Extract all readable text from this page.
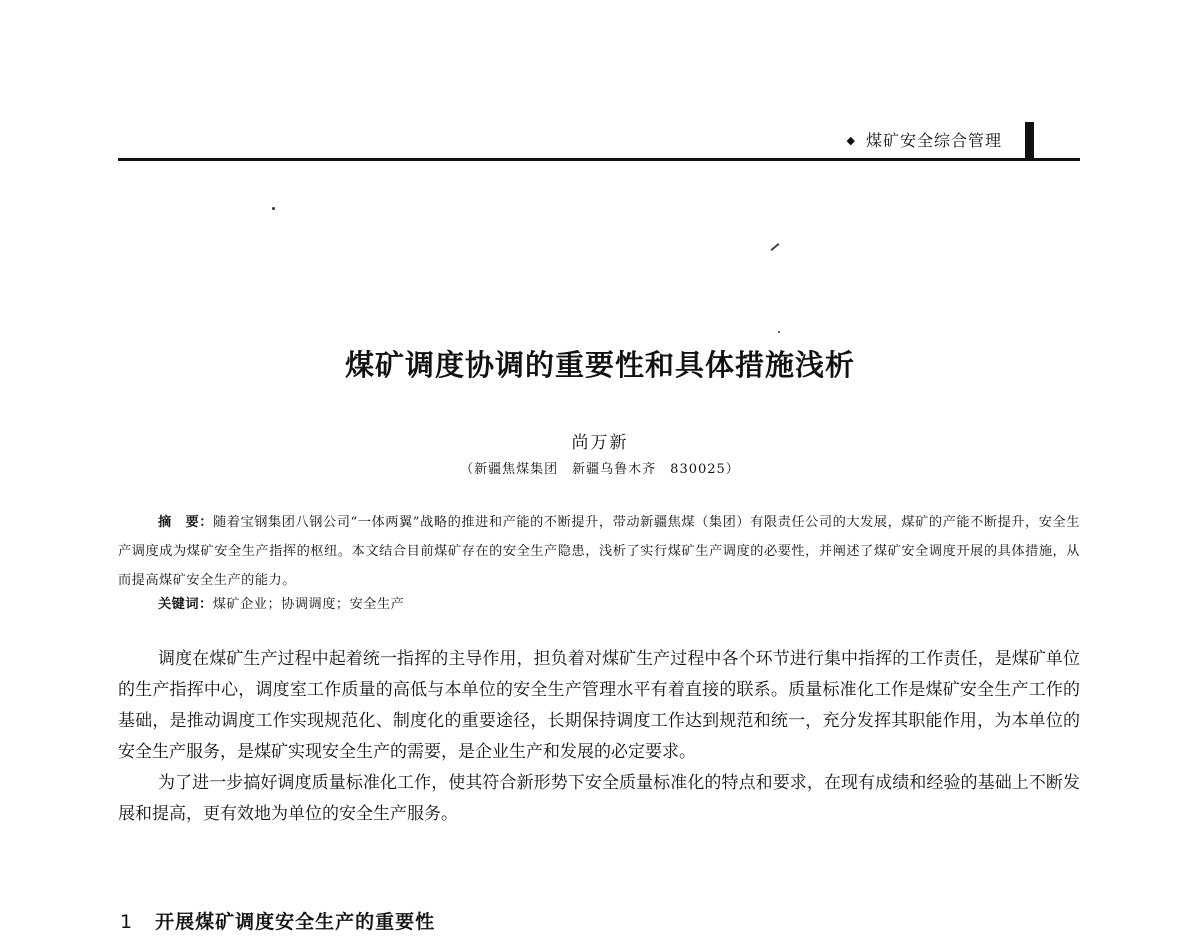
◆ 煤矿安全综合管理
煤矿调度协调的重要性和具体措施浅析
尚万新
（新疆焦煤集团　新疆乌鲁木齐　830025）
摘　要：随着宝钢集团八钢公司“一体两翼”战略的推进和产能的不断提升，带动新疆焦煤（集团）有限责任公司的大发展，煤矿的产能不断提升，安全生产调度成为煤矿安全生产指挥的枢纽。本文结合目前煤矿存在的安全生产隐患，浅析了实行煤矿生产调度的必要性，并阐述了煤矿安全调度开展的具体措施，从而提高煤矿安全生产的能力。
关键词：煤矿企业；协调调度；安全生产

调度在煤矿生产过程中起着统一指挥的主导作用，担负着对煤矿生产过程中各个环节进行集中指挥的工作责任，是煤矿单位的生产指挥中心，调度室工作质量的高低与本单位的安全生产管理水平有着直接的联系。质量标准化工作是煤矿安全生产工作的基础，是推动调度工作实现规范化、制度化的重要途径，长期保持调度工作达到规范和统一，充分发挥其职能作用，为本单位的安全生产服务，是煤矿实现安全生产的需要，是企业生产和发展的必定要求。

为了进一步搞好调度质量标准化工作，使其符合新形势下安全质量标准化的特点和要求，在现有成绩和经验的基础上不断发展和提高，更有效地为单位的安全生产服务。

1 开展煤矿调度安全生产的重要性
